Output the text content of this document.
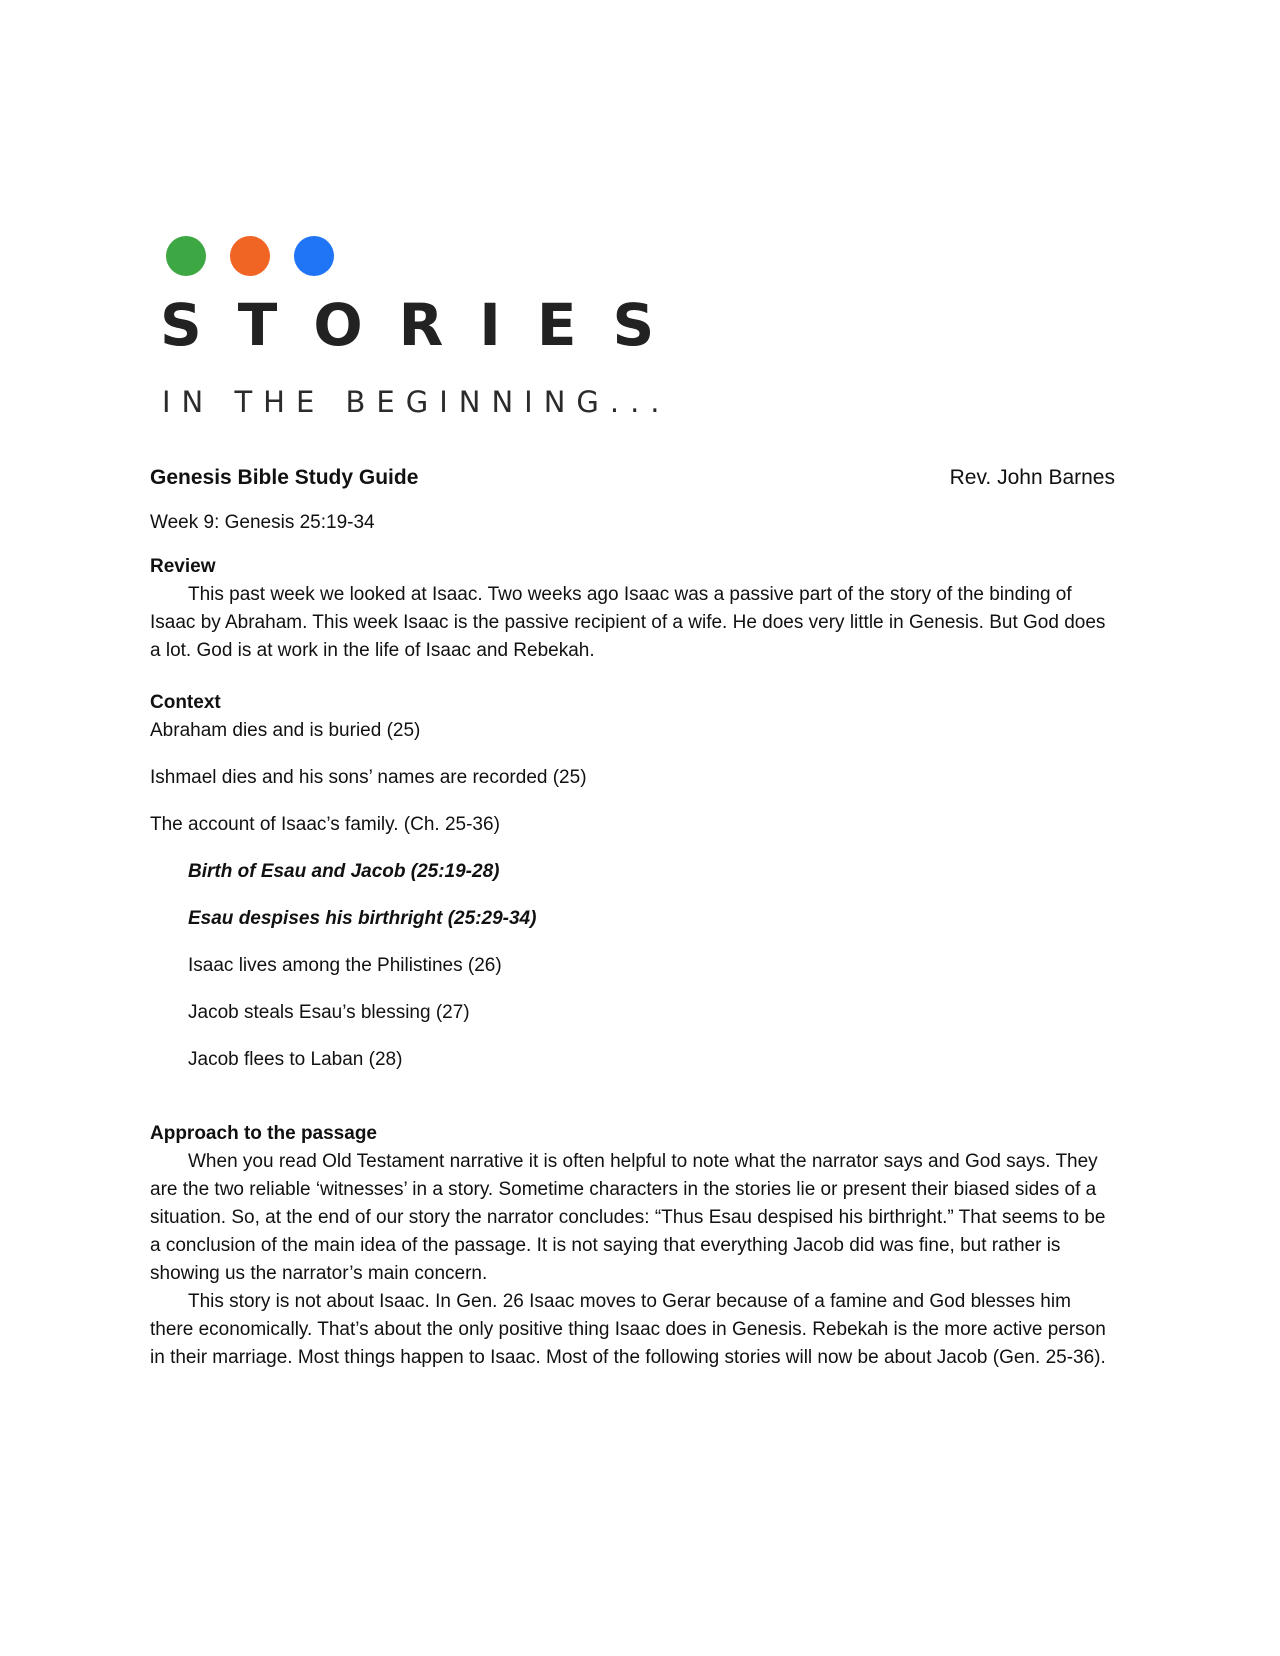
STORIES
IN THE BEGINNING...
Genesis Bible Study Guide	Rev. John Barnes
Week 9: Genesis 25:19-34
Review

This past week we looked at Isaac. Two weeks ago Isaac was a passive part of the story of the binding of Isaac by Abraham. This week Isaac is the passive recipient of a wife. He does very little in Genesis. But God does a lot. God is at work in the life of Isaac and Rebekah.

Context

Abraham dies and is buried (25)

Ishmael dies and his sons’ names are recorded (25)

The account of Isaac’s family. (Ch. 25-36)

Birth of Esau and Jacob (25:19-28)

Esau despises his birthright (25:29-34)

Isaac lives among the Philistines (26)

Jacob steals Esau’s blessing (27)

Jacob flees to Laban (28)

Approach to the passage

When you read Old Testament narrative it is often helpful to note what the narrator says and God says. They are the two reliable ‘witnesses’ in a story. Sometime characters in the stories lie or present their biased sides of a situation. So, at the end of our story the narrator concludes: “Thus Esau despised his birthright.” That seems to be a conclusion of the main idea of the passage. It is not saying that everything Jacob did was fine, but rather is showing us the narrator’s main concern.

This story is not about Isaac. In Gen. 26 Isaac moves to Gerar because of a famine and God blesses him there economically. That’s about the only positive thing Isaac does in Genesis. Rebekah is the more active person in their marriage. Most things happen to Isaac. Most of the following stories will now be about Jacob (Gen. 25-36).
